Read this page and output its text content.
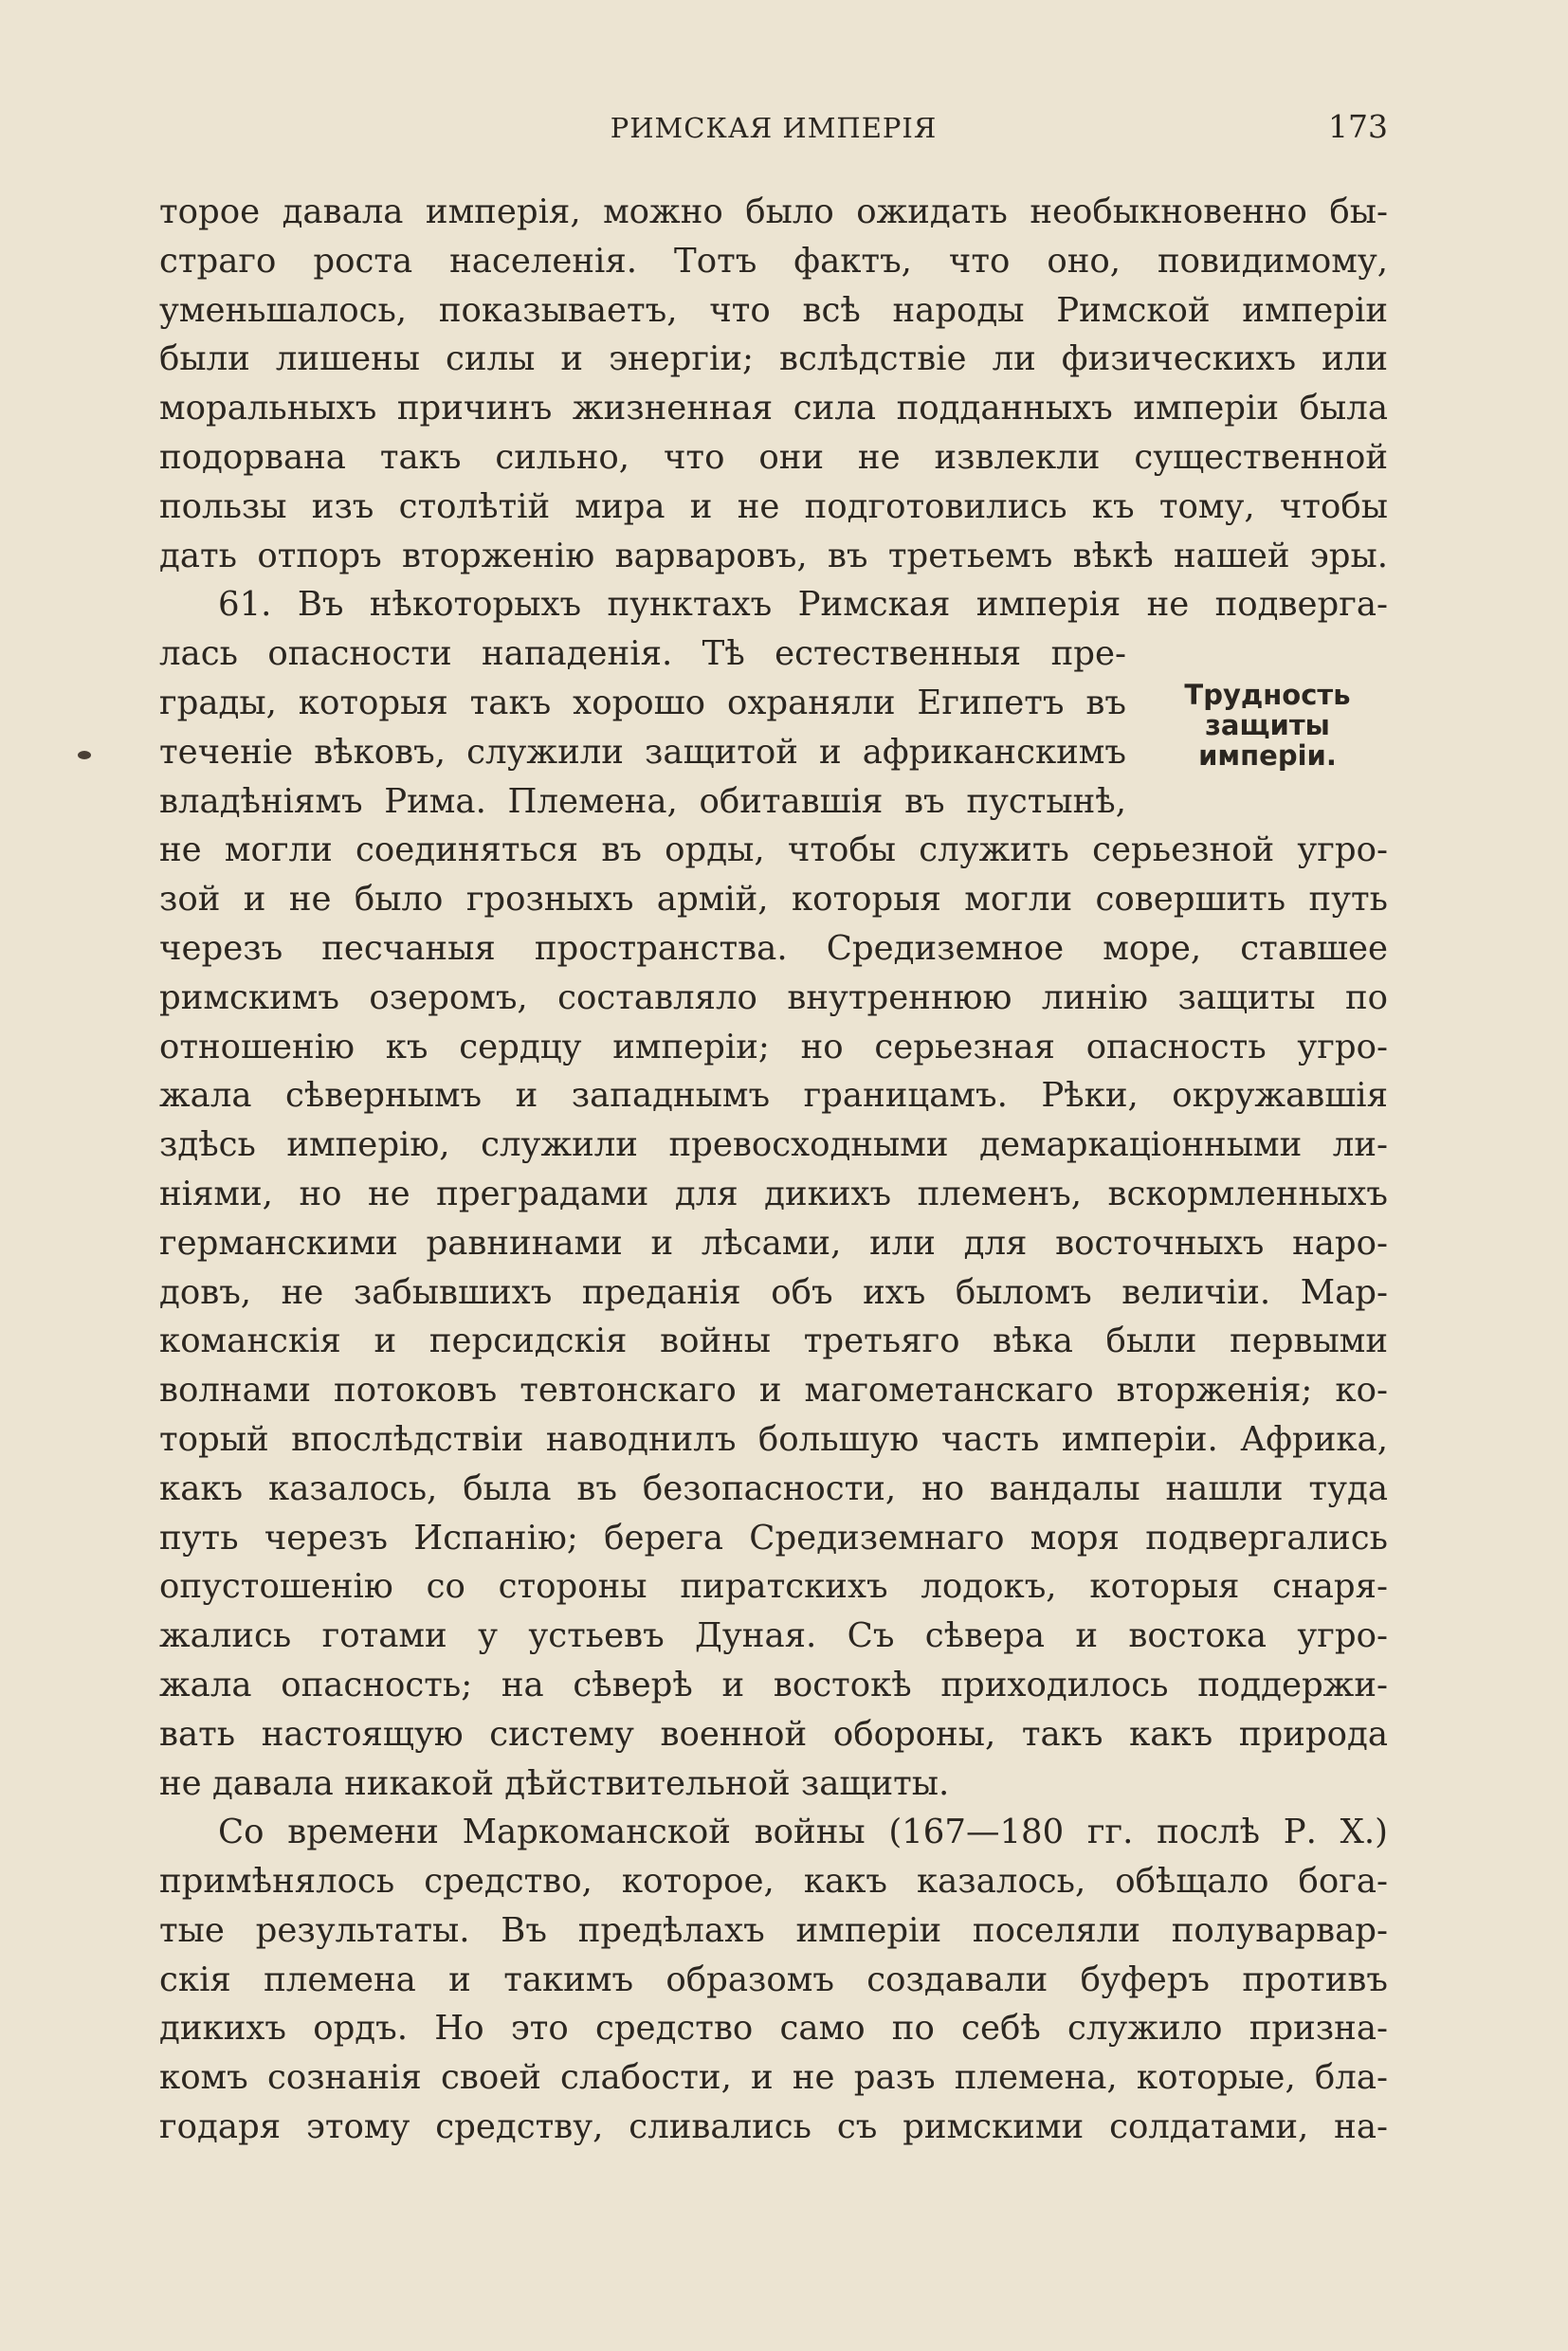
РИМСКАЯ ИМПЕРІЯ	173
Трудность
защиты
имперіи.
торое давала имперія, можно было ожидать необыкновенно бы-
страго роста населенія. Тотъ фактъ, что оно, повидимому,
уменьшалось, показываетъ, что всѣ народы Римской имперіи
были лишены силы и энергіи; вслѣдствіе ли физическихъ или
моральныхъ причинъ жизненная сила подданныхъ имперіи была
подорвана такъ сильно, что они не извлекли существенной
пользы изъ столѣтій мира и не подготовились къ тому, чтобы
дать отпоръ вторженію варваровъ, въ третьемъ вѣкѣ нашей эры.
61. Въ нѣкоторыхъ пунктахъ Римская имперія не подверга-
лась опасности нападенія. Тѣ естественныя пре-
грады, которыя такъ хорошо охраняли Египетъ въ
теченіе вѣковъ, служили защитой и африканскимъ
владѣніямъ Рима. Племена, обитавшія въ пустынѣ,
не могли соединяться въ орды, чтобы служить серьезной угро-
зой и не было грозныхъ армій, которыя могли совершить путь
черезъ песчаныя пространства. Средиземное море, ставшее
римскимъ озеромъ, составляло внутреннюю линію защиты по
отношенію къ сердцу имперіи; но серьезная опасность угро-
жала сѣвернымъ и западнымъ границамъ. Рѣки, окружавшія
здѣсь имперію, служили превосходными демаркаціонными ли-
ніями, но не преградами для дикихъ племенъ, вскормленныхъ
германскими равнинами и лѣсами, или для восточныхъ наро-
довъ, не забывшихъ преданія объ ихъ быломъ величіи. Мар-
команскія и персидскія войны третьяго вѣка были первыми
волнами потоковъ тевтонскаго и магометанскаго вторженія; ко-
торый впослѣдствіи наводнилъ большую часть имперіи. Африка,
какъ казалось, была въ безопасности, но вандалы нашли туда
путь черезъ Испанію; берега Средиземнаго моря подвергались
опустошенію со стороны пиратскихъ лодокъ, которыя снаря-
жались готами у устьевъ Дуная. Съ сѣвера и востока угро-
жала опасность; на сѣверѣ и востокѣ приходилось поддержи-
вать настоящую систему военной обороны, такъ какъ природа
не давала никакой дѣйствительной защиты.
Со времени Маркоманской войны (167—180 гг. послѣ Р. Х.)
примѣнялось средство, которое, какъ казалось, обѣщало бога-
тые результаты. Въ предѣлахъ имперіи поселяли полуварвар-
скія племена и такимъ образомъ создавали буферъ противъ
дикихъ ордъ. Но это средство само по себѣ служило призна-
комъ сознанія своей слабости, и не разъ племена, которые, бла-
годаря этому средству, сливались съ римскими солдатами, на-
